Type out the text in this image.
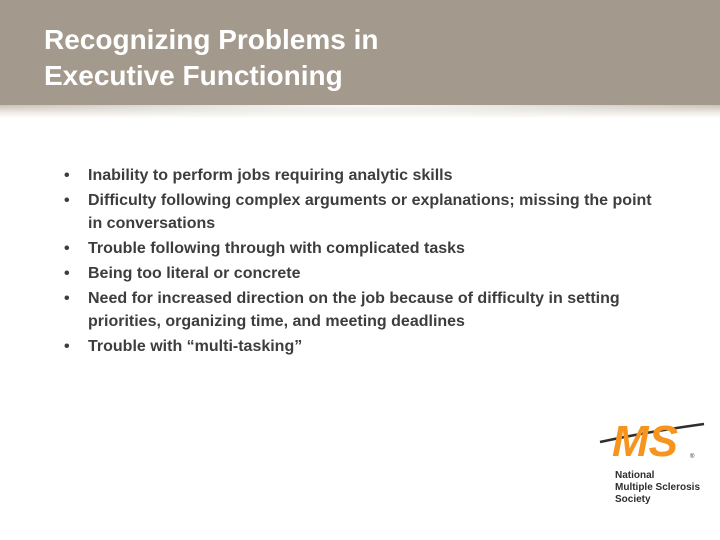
Recognizing Problems in
Executive Functioning
• Inability to perform jobs requiring analytic skills
• Difficulty following complex arguments or explanations; missing the point in conversations
• Trouble following through with complicated tasks
• Being too literal or concrete
• Need for increased direction on the job because of difficulty in setting priorities, organizing time, and meeting deadlines
• Trouble with “multi-tasking”
MS ®
National
Multiple Sclerosis
Society
